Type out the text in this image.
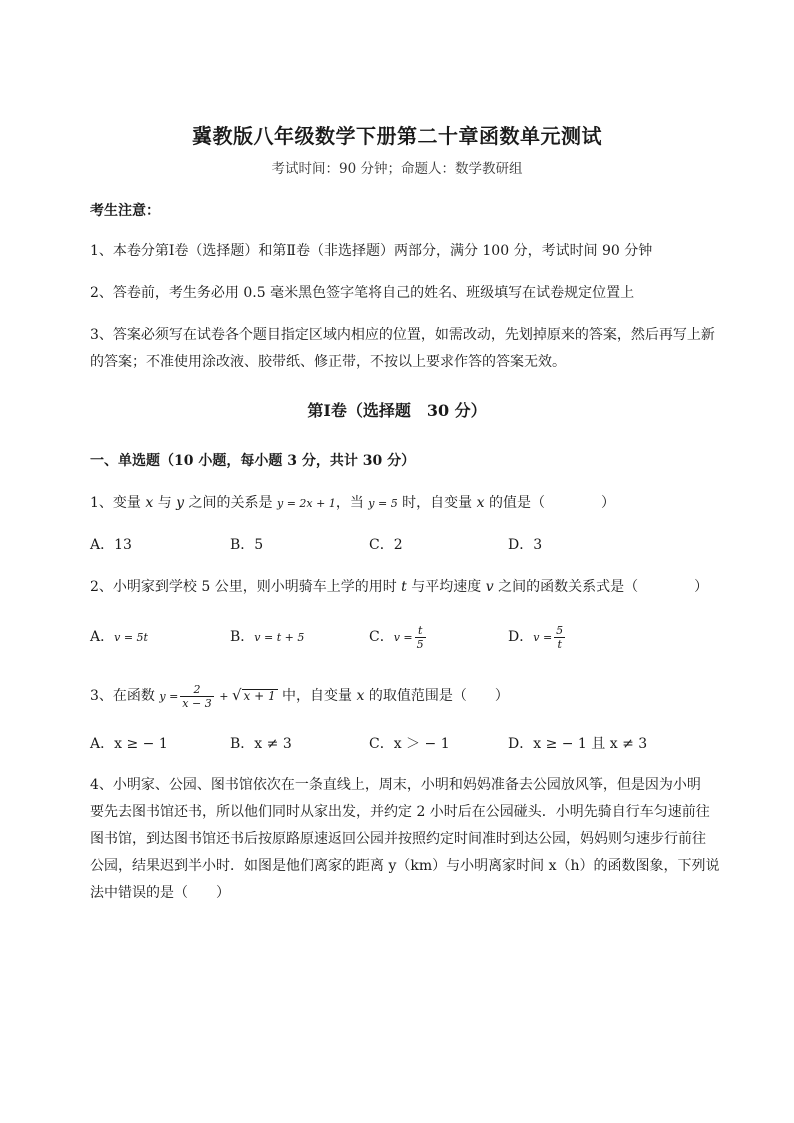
冀教版八年级数学下册第二十章函数单元测试
考试时间：90 分钟；命题人：数学教研组
考生注意：
1、本卷分第Ⅰ卷（选择题）和第Ⅱ卷（非选择题）两部分，满分 100 分，考试时间 90 分钟
2、答卷前，考生务必用 0.5 毫米黑色签字笔将自己的姓名、班级填写在试卷规定位置上
3、答案必须写在试卷各个题目指定区域内相应的位置，如需改动，先划掉原来的答案，然后再写上新
的答案；不准使用涂改液、胶带纸、修正带，不按以上要求作答的答案无效。
第Ⅰ卷（选择题　30 分）
一、单选题（10 小题，每小题 3 分，共计 30 分）
1、变量 x 与 y 之间的关系是 y = 2x + 1，当 y = 5 时，自变量 x 的值是（　　　　）
A．13	B．5	C．2	D．3
2、小明家到学校 5 公里，则小明骑车上学的用时 t 与平均速度 v 之间的函数关系式是（　　　　）
A．v = 5t	B．v = t + 5	C．$v = \frac{t}{5}$	D．$v = \frac{5}{t}$
3、在函数 $y = \frac{2}{x - 3}$ + √ x + 1 中，自变量 x 的取值范围是（　　）
A．x ≥ − 1	B．x ≠ 3	C．x ＞ − 1	D．x ≥ − 1 且 x ≠ 3
4、小明家、公园、图书馆依次在一条直线上，周末，小明和妈妈准备去公园放风筝，但是因为小明
要先去图书馆还书，所以他们同时从家出发，并约定 2 小时后在公园碰头．小明先骑自行车匀速前往
图书馆，到达图书馆还书后按原路原速返回公园并按照约定时间准时到达公园，妈妈则匀速步行前往
公园，结果迟到半小时．如图是他们离家的距离 y（km）与小明离家时间 x（h）的函数图象，下列说
法中错误的是（　　）
